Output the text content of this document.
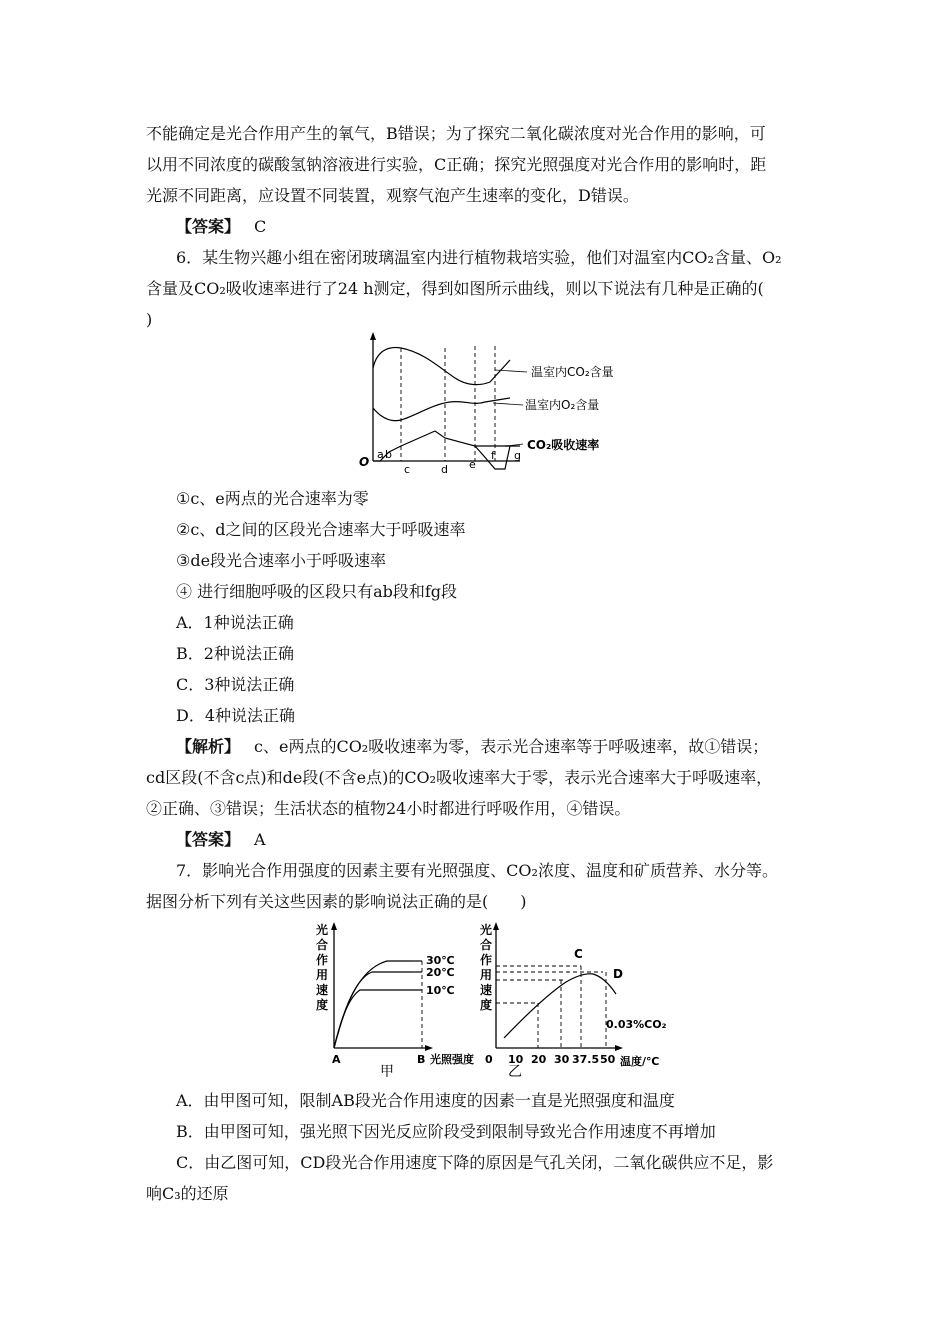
不能确定是光合作用产生的氧气，B错误；为了探究二氧化碳浓度对光合作用的影响，可
以用不同浓度的碳酸氢钠溶液进行实验，C正确；探究光照强度对光合作用的影响时，距
光源不同距离，应设置不同装置，观察气泡产生速率的变化，D错误。
【答案】 C
6．某生物兴趣小组在密闭玻璃温室内进行植物栽培实验，他们对温室内CO₂含量、O₂
含量及CO₂吸收速率进行了24 h测定，得到如图所示曲线，则以下说法有几种是正确的(
)
温室内CO₂含量
温室内O₂含量
CO₂吸收速率
O
a b
c	d e
f g
①c、e两点的光合速率为零
②c、d之间的区段光合速率大于呼吸速率
③de段光合速率小于呼吸速率
④ 进行细胞呼吸的区段只有ab段和fg段
A．1种说法正确
B．2种说法正确
C．3种说法正确
D．4种说法正确
【解析】 c、e两点的CO₂吸收速率为零，表示光合速率等于呼吸速率，故①错误；
cd区段(不含c点)和de段(不含e点)的CO₂吸收速率大于零，表示光合速率大于呼吸速率，
②正确、③错误；生活状态的植物24小时都进行呼吸作用，④错误。
【答案】 A
7．影响光合作用强度的因素主要有光照强度、CO₂浓度、温度和矿质营养、水分等。
据图分析下列有关这些因素的影响说法正确的是(　　)
光
合
作
用
速
度
30℃
20℃
10℃
A	B 光照强度
甲
光
合
作
用
速
度
C
D
0.03%CO₂
0 10 20 30 37.5 50 温度/℃
乙
A．由甲图可知，限制AB段光合作用速度的因素一直是光照强度和温度
B．由甲图可知，强光照下因光反应阶段受到限制导致光合作用速度不再增加
C．由乙图可知，CD段光合作用速度下降的原因是气孔关闭，二氧化碳供应不足，影
响C₃的还原
